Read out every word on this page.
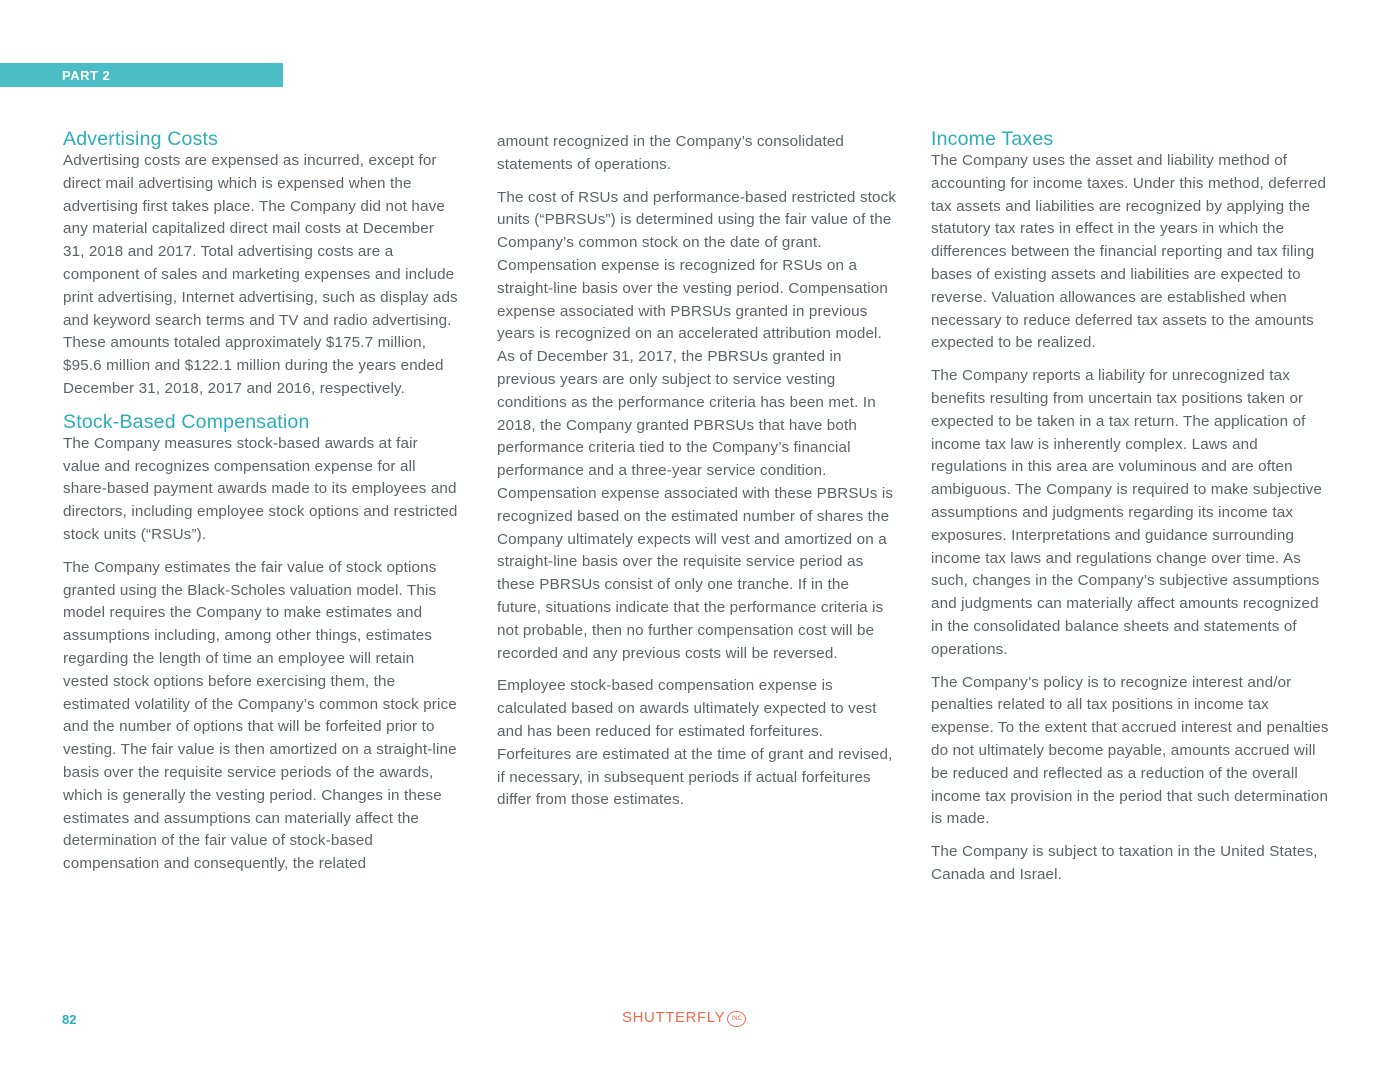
PART 2
Advertising Costs

Advertising costs are expensed as incurred, except for direct mail advertising which is expensed when the advertising first takes place. The Company did not have any material capitalized direct mail costs at December 31, 2018 and 2017. Total advertising costs are a component of sales and marketing expenses and include print advertising, Internet advertising, such as display ads and keyword search terms and TV and radio advertising. These amounts totaled approximately $175.7 million, $95.6 million and $122.1 million during the years ended December 31, 2018, 2017 and 2016, respectively.

Stock-Based Compensation

The Company measures stock-based awards at fair value and recognizes compensation expense for all share-based payment awards made to its employees and directors, including employee stock options and restricted stock units (“RSUs”).

The Company estimates the fair value of stock options granted using the Black-Scholes valuation model. This model requires the Company to make estimates and assumptions including, among other things, estimates regarding the length of time an employee will retain vested stock options before exercising them, the estimated volatility of the Company’s common stock price and the number of options that will be forfeited prior to vesting. The fair value is then amortized on a straight-line basis over the requisite service periods of the awards, which is generally the vesting period. Changes in these estimates and assumptions can materially affect the determination of the fair value of stock-based compensation and consequently, the related

amount recognized in the Company’s consolidated statements of operations.

The cost of RSUs and performance-based restricted stock units (“PBRSUs”) is determined using the fair value of the Company’s common stock on the date of grant. Compensation expense is recognized for RSUs on a straight-line basis over the vesting period. Compensation expense associated with PBRSUs granted in previous years is recognized on an accelerated attribution model. As of December 31, 2017, the PBRSUs granted in previous years are only subject to service vesting conditions as the performance criteria has been met. In 2018, the Company granted PBRSUs that have both performance criteria tied to the Company’s financial performance and a three-year service condition. Compensation expense associated with these PBRSUs is recognized based on the estimated number of shares the Company ultimately expects will vest and amortized on a straight-line basis over the requisite service period as these PBRSUs consist of only one tranche. If in the future, situations indicate that the performance criteria is not probable, then no further compensation cost will be recorded and any previous costs will be reversed.

Employee stock-based compensation expense is calculated based on awards ultimately expected to vest and has been reduced for estimated forfeitures. Forfeitures are estimated at the time of grant and revised, if necessary, in subsequent periods if actual forfeitures differ from those estimates.

Income Taxes

The Company uses the asset and liability method of accounting for income taxes. Under this method, deferred tax assets and liabilities are recognized by applying the statutory tax rates in effect in the years in which the differences between the financial reporting and tax filing bases of existing assets and liabilities are expected to reverse. Valuation allowances are established when necessary to reduce deferred tax assets to the amounts expected to be realized.

The Company reports a liability for unrecognized tax benefits resulting from uncertain tax positions taken or expected to be taken in a tax return. The application of income tax law is inherently complex. Laws and regulations in this area are voluminous and are often ambiguous. The Company is required to make subjective assumptions and judgments regarding its income tax exposures. Interpretations and guidance surrounding income tax laws and regulations change over time. As such, changes in the Company’s subjective assumptions and judgments can materially affect amounts recognized in the consolidated balance sheets and statements of operations.

The Company’s policy is to recognize interest and/or penalties related to all tax positions in income tax expense. To the extent that accrued interest and penalties do not ultimately become payable, amounts accrued will be reduced and reflected as a reduction of the overall income tax provision in the period that such determination is made.

The Company is subject to taxation in the United States, Canada and Israel.

82	SHUTTERFLY INC
